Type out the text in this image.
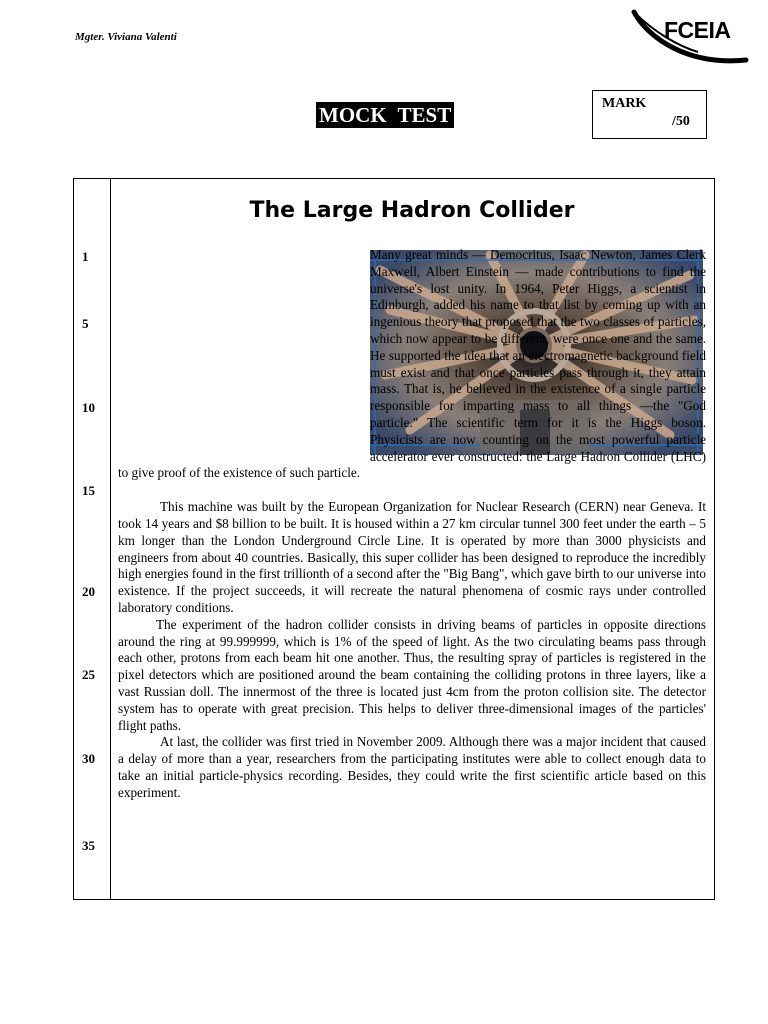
Mgter. Viviana Valenti	FCEIA
MOCK TEST	MARK
/50
1
5
10
15
20
25
30
35
The Large Hadron Collider

Many great minds — Democritus, Isaac Newton, James Clerk Maxwell, Albert Einstein — made contributions to find the universe's lost unity. In 1964, Peter Higgs, a scientist in Edinburgh, added his name to that list by coming up with an ingenious theory that proposed that the two classes of particles, which now appear to be different, were once one and the same. He supported the idea that an electromagnetic background field must exist and that once particles pass through it, they attain mass. That is, he believed in the existence of a single particle responsible for imparting mass to all things —the "God particle." The scientific term for it is the Higgs boson. Physicists are now counting on the most powerful particle accelerator ever constructed: the Large Hadron Collider (LHC) to give proof of the existence of such particle.

This machine was built by the European Organization for Nuclear Research (CERN) near Geneva. It took 14 years and $8 billion to be built. It is housed within a 27 km circular tunnel 300 feet under the earth – 5 km longer than the London Underground Circle Line. It is operated by more than 3000 physicists and engineers from about 40 countries. Basically, this super collider has been designed to reproduce the incredibly high energies found in the first trillionth of a second after the "Big Bang", which gave birth to our universe into existence. If the project succeeds, it will recreate the natural phenomena of cosmic rays under controlled laboratory conditions.

The experiment of the hadron collider consists in driving beams of particles in opposite directions around the ring at 99.999999, which is 1% of the speed of light. As the two circulating beams pass through each other, protons from each beam hit one another. Thus, the resulting spray of particles is registered in the pixel detectors which are positioned around the beam containing the colliding protons in three layers, like a vast Russian doll. The innermost of the three is located just 4cm from the proton collision site. The detector system has to operate with great precision. This helps to deliver three-dimensional images of the particles' flight paths.

At last, the collider was first tried in November 2009. Although there was a major incident that caused a delay of more than a year, researchers from the participating institutes were able to collect enough data to take an initial particle-physics recording. Besides, they could write the first scientific article based on this experiment.
